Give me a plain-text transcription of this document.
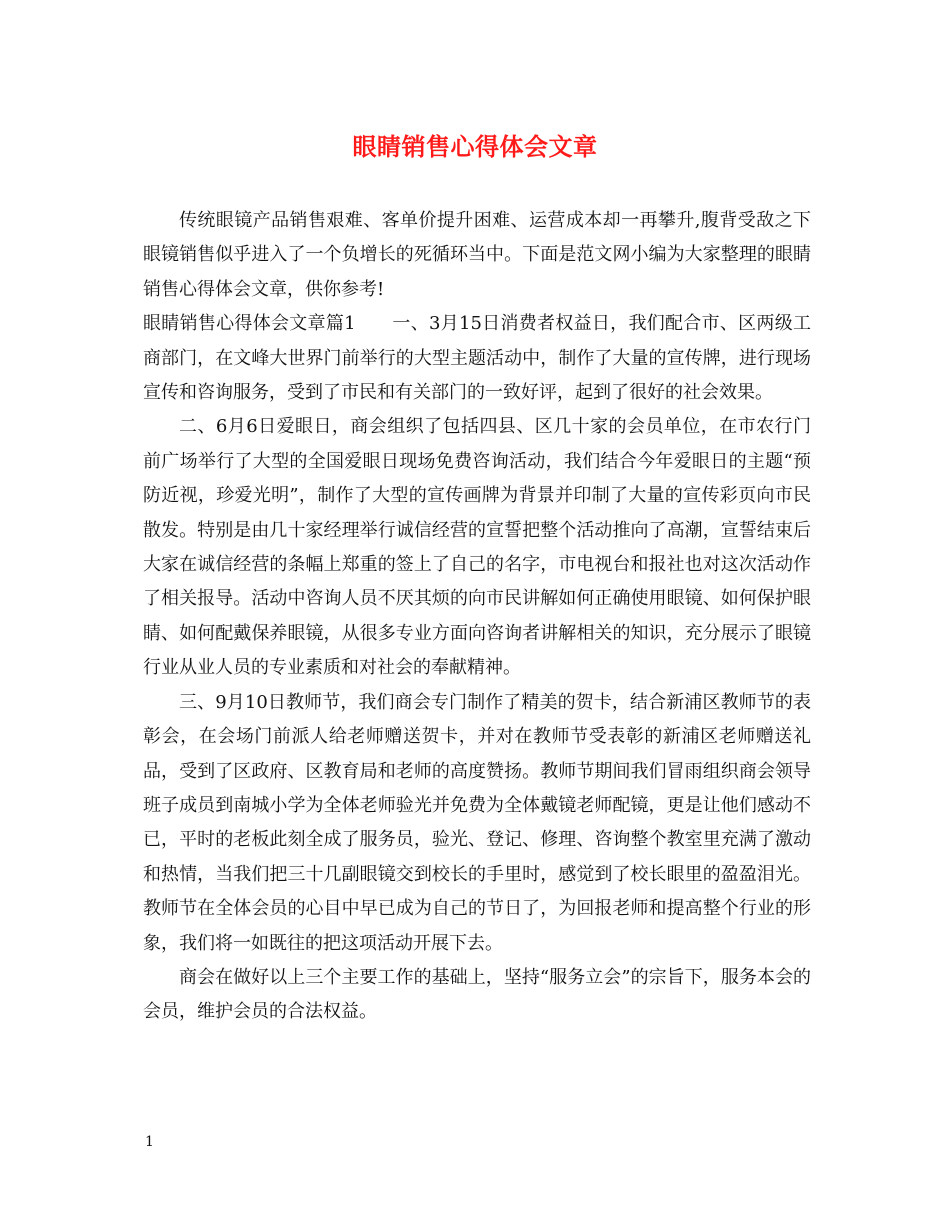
眼睛销售心得体会文章

传统眼镜产品销售艰难、客单价提升困难、运营成本却一再攀升,腹背受敌之下眼镜销售似乎进入了一个负增长的死循环当中。下面是范文网小编为大家整理的眼睛销售心得体会文章，供你参考!

眼睛销售心得体会文章篇1　　一、3月15日消费者权益日，我们配合市、区两级工商部门，在文峰大世界门前举行的大型主题活动中，制作了大量的宣传牌，进行现场宣传和咨询服务，受到了市民和有关部门的一致好评，起到了很好的社会效果。

二、6月6日爱眼日，商会组织了包括四县、区几十家的会员单位，在市农行门前广场举行了大型的全国爱眼日现场免费咨询活动，我们结合今年爱眼日的主题“预防近视，珍爱光明”，制作了大型的宣传画牌为背景并印制了大量的宣传彩页向市民散发。特别是由几十家经理举行诚信经营的宣誓把整个活动推向了高潮，宣誓结束后大家在诚信经营的条幅上郑重的签上了自己的名字，市电视台和报社也对这次活动作了相关报导。活动中咨询人员不厌其烦的向市民讲解如何正确使用眼镜、如何保护眼睛、如何配戴保养眼镜，从很多专业方面向咨询者讲解相关的知识，充分展示了眼镜行业从业人员的专业素质和对社会的奉献精神。

三、9月10日教师节，我们商会专门制作了精美的贺卡，结合新浦区教师节的表彰会，在会场门前派人给老师赠送贺卡，并对在教师节受表彰的新浦区老师赠送礼品，受到了区政府、区教育局和老师的高度赞扬。教师节期间我们冒雨组织商会领导班子成员到南城小学为全体老师验光并免费为全体戴镜老师配镜，更是让他们感动不已，平时的老板此刻全成了服务员，验光、登记、修理、咨询整个教室里充满了激动和热情，当我们把三十几副眼镜交到校长的手里时，感觉到了校长眼里的盈盈泪光。教师节在全体会员的心目中早已成为自己的节日了，为回报老师和提高整个行业的形象，我们将一如既往的把这项活动开展下去。

商会在做好以上三个主要工作的基础上，坚持“服务立会”的宗旨下，服务本会的会员，维护会员的合法权益。

1
